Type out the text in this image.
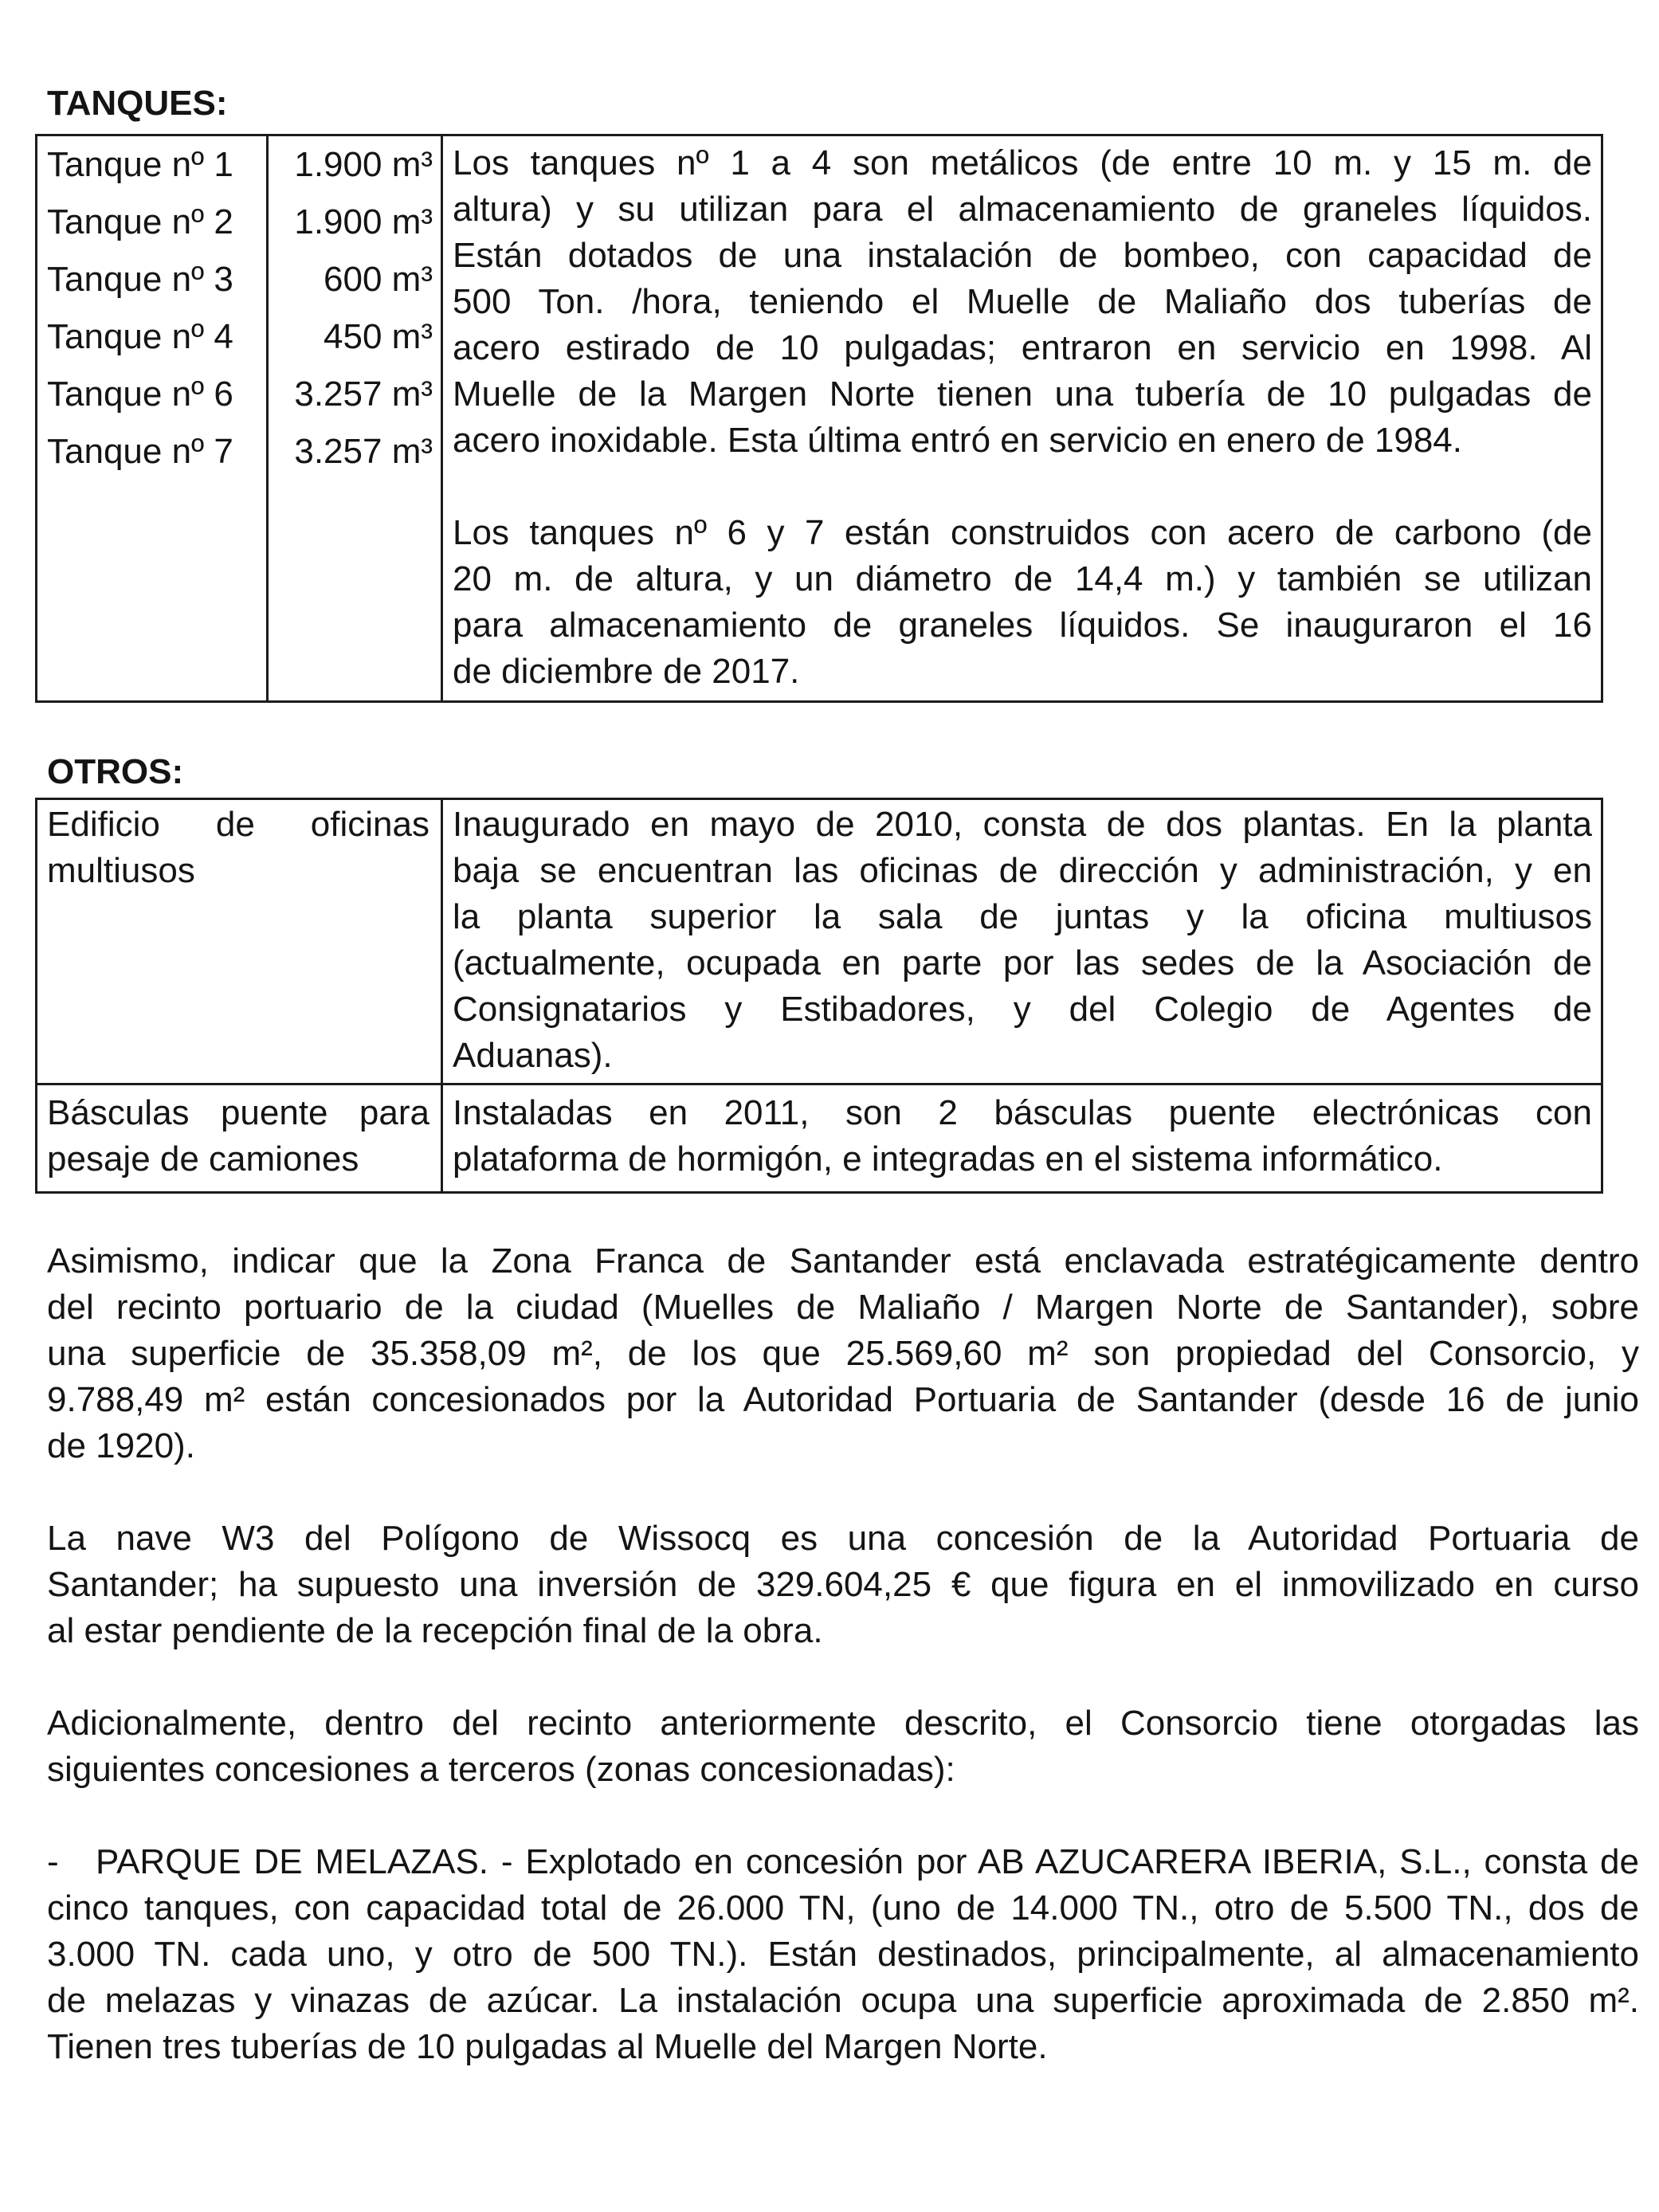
TANQUES:
Tanque nº 1
Tanque nº 2
Tanque nº 3
Tanque nº 4
Tanque nº 6
Tanque nº 7
1.900 m³
1.900 m³
600 m³
450 m³
3.257 m³
3.257 m³
Los tanques nº 1 a 4 son metálicos (de entre 10 m. y 15 m. de
altura) y su utilizan para el almacenamiento de graneles líquidos.
Están dotados de una instalación de bombeo, con capacidad de
500 Ton. /hora, teniendo el Muelle de Maliaño dos tuberías de
acero estirado de 10 pulgadas; entraron en servicio en 1998. Al
Muelle de la Margen Norte tienen una tubería de 10 pulgadas de
acero inoxidable. Esta última entró en servicio en enero de 1984.
Los tanques nº 6 y 7 están construidos con acero de carbono (de
20 m. de altura, y un diámetro de 14,4 m.) y también se utilizan
para almacenamiento de graneles líquidos. Se inauguraron el 16
de diciembre de 2017.
OTROS:
Edificio de oficinas
multiusos
Inaugurado en mayo de 2010, consta de dos plantas. En la planta
baja se encuentran las oficinas de dirección y administración, y en
la planta superior la sala de juntas y la oficina multiusos
(actualmente, ocupada en parte por las sedes de la Asociación de
Consignatarios y Estibadores, y del Colegio de Agentes de
Aduanas).
Básculas puente para
pesaje de camiones
Instaladas en 2011, son 2 básculas puente electrónicas con
plataforma de hormigón, e integradas en el sistema informático.
Asimismo, indicar que la Zona Franca de Santander está enclavada estratégicamente dentro
del recinto portuario de la ciudad (Muelles de Maliaño / Margen Norte de Santander), sobre
una superficie de 35.358,09 m², de los que 25.569,60 m² son propiedad del Consorcio, y
9.788,49 m² están concesionados por la Autoridad Portuaria de Santander (desde 16 de junio
de 1920).
La nave W3 del Polígono de Wissocq es una concesión de la Autoridad Portuaria de
Santander; ha supuesto una inversión de 329.604,25 € que figura en el inmovilizado en curso
al estar pendiente de la recepción final de la obra.
Adicionalmente, dentro del recinto anteriormente descrito, el Consorcio tiene otorgadas las
siguientes concesiones a terceros (zonas concesionadas):
- PARQUE DE MELAZAS. - Explotado en concesión por AB AZUCARERA IBERIA, S.L., consta de
cinco tanques, con capacidad total de 26.000 TN, (uno de 14.000 TN., otro de 5.500 TN., dos de
3.000 TN. cada uno, y otro de 500 TN.). Están destinados, principalmente, al almacenamiento
de melazas y vinazas de azúcar. La instalación ocupa una superficie aproximada de 2.850 m².
Tienen tres tuberías de 10 pulgadas al Muelle del Margen Norte.
